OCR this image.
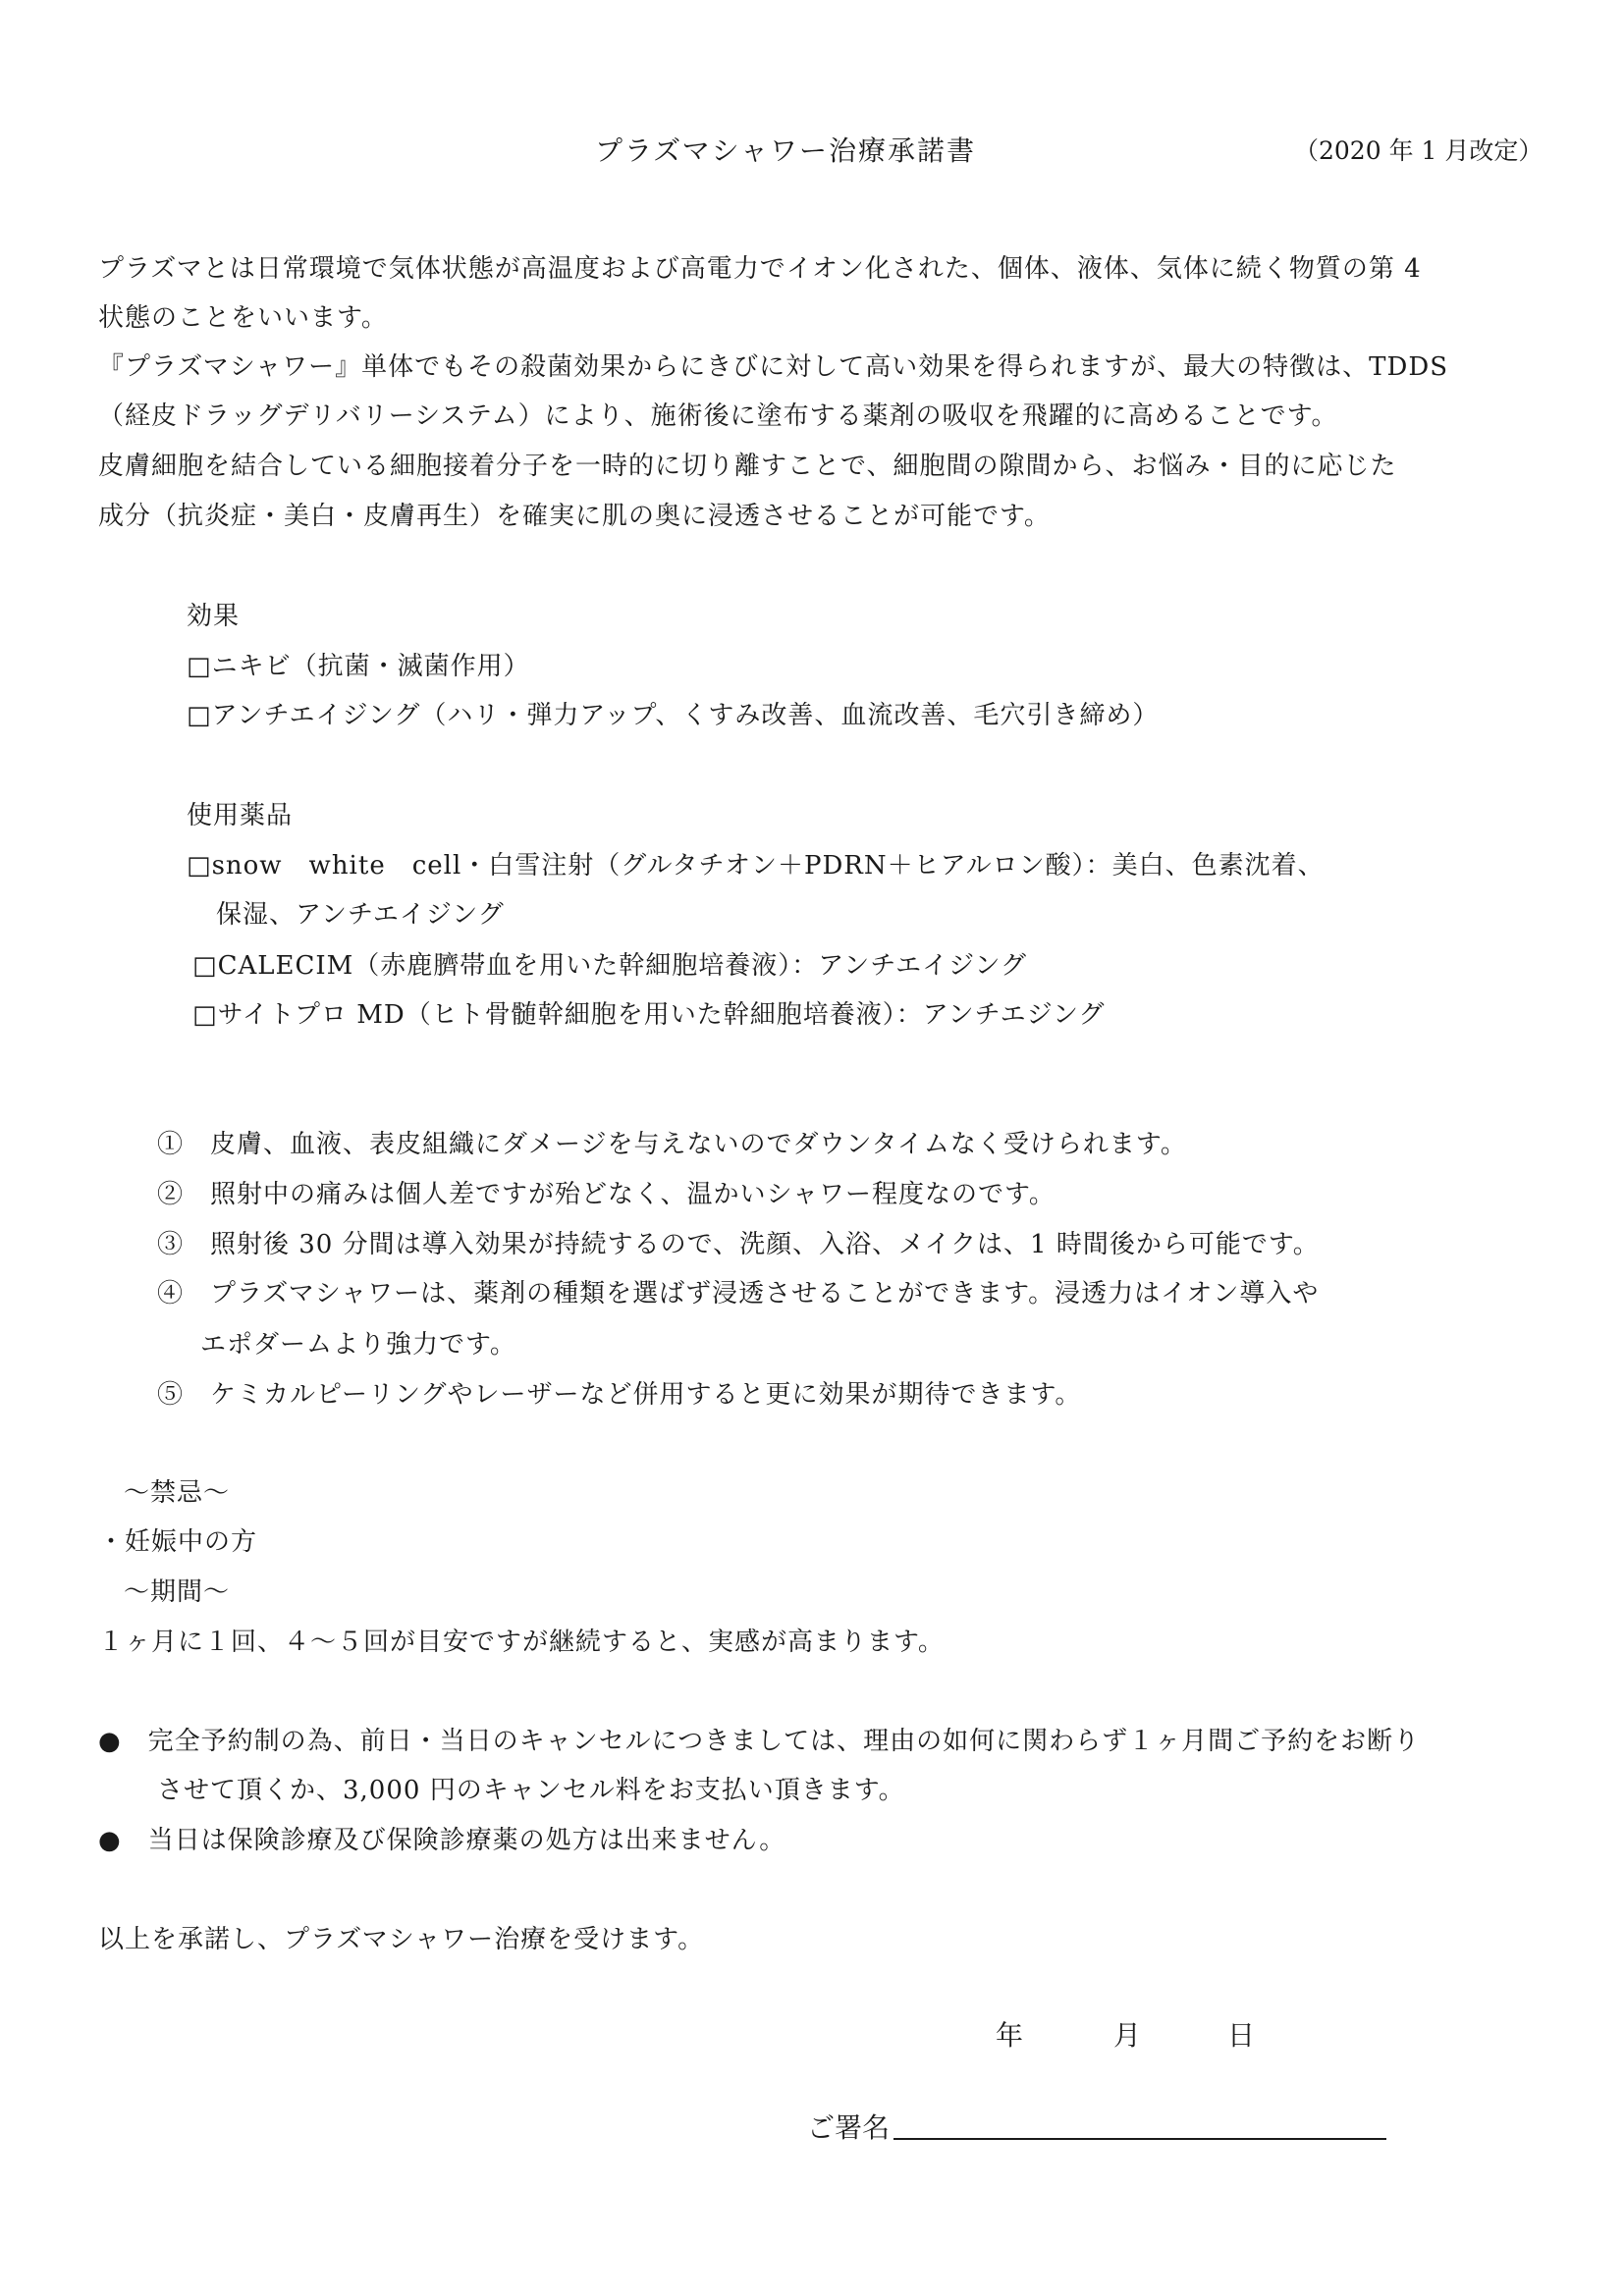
プラズマシャワー治療承諾書	（2020 年 1 月改定）
プラズマとは日常環境で気体状態が高温度および高電力でイオン化された、個体、液体、気体に続く物質の第 4
状態のことをいいます。
『プラズマシャワー』単体でもその殺菌効果からにきびに対して高い効果を得られますが、最大の特徴は、TDDS
（経皮ドラッグデリバリーシステム）により、施術後に塗布する薬剤の吸収を飛躍的に高めることです。
皮膚細胞を結合している細胞接着分子を一時的に切り離すことで、細胞間の隙間から、お悩み・目的に応じた
成分（抗炎症・美白・皮膚再生）を確実に肌の奥に浸透させることが可能です。
効果
□ニキビ（抗菌・滅菌作用）
□アンチエイジング（ハリ・弾力アップ、くすみ改善、血流改善、毛穴引き締め）
使用薬品
□snow　white　cell・白雪注射（グルタチオン＋PDRN＋ヒアルロン酸）：美白、色素沈着、
保湿、アンチエイジング
□CALECIM（赤鹿臍帯血を用いた幹細胞培養液）：アンチエイジング
□サイトプロ MD（ヒト骨髄幹細胞を用いた幹細胞培養液）：アンチエジング
①　皮膚、血液、表皮組織にダメージを与えないのでダウンタイムなく受けられます。
②　照射中の痛みは個人差ですが殆どなく、温かいシャワー程度なのです。
③　照射後 30 分間は導入効果が持続するので、洗顔、入浴、メイクは、1 時間後から可能です。
④　プラズマシャワーは、薬剤の種類を選ばず浸透させることができます。浸透力はイオン導入や
エポダームより強力です。
⑤　ケミカルピーリングやレーザーなど併用すると更に効果が期待できます。
～禁忌～
・妊娠中の方
～期間～
１ヶ月に１回、４～５回が目安ですが継続すると、実感が高まります。
●　完全予約制の為、前日・当日のキャンセルにつきましては、理由の如何に関わらず１ヶ月間ご予約をお断り
させて頂くか、3,000 円のキャンセル料をお支払い頂きます。
●　当日は保険診療及び保険診療薬の処方は出来ません。
以上を承諾し、プラズマシャワー治療を受けます。
年	月	日
ご署名
